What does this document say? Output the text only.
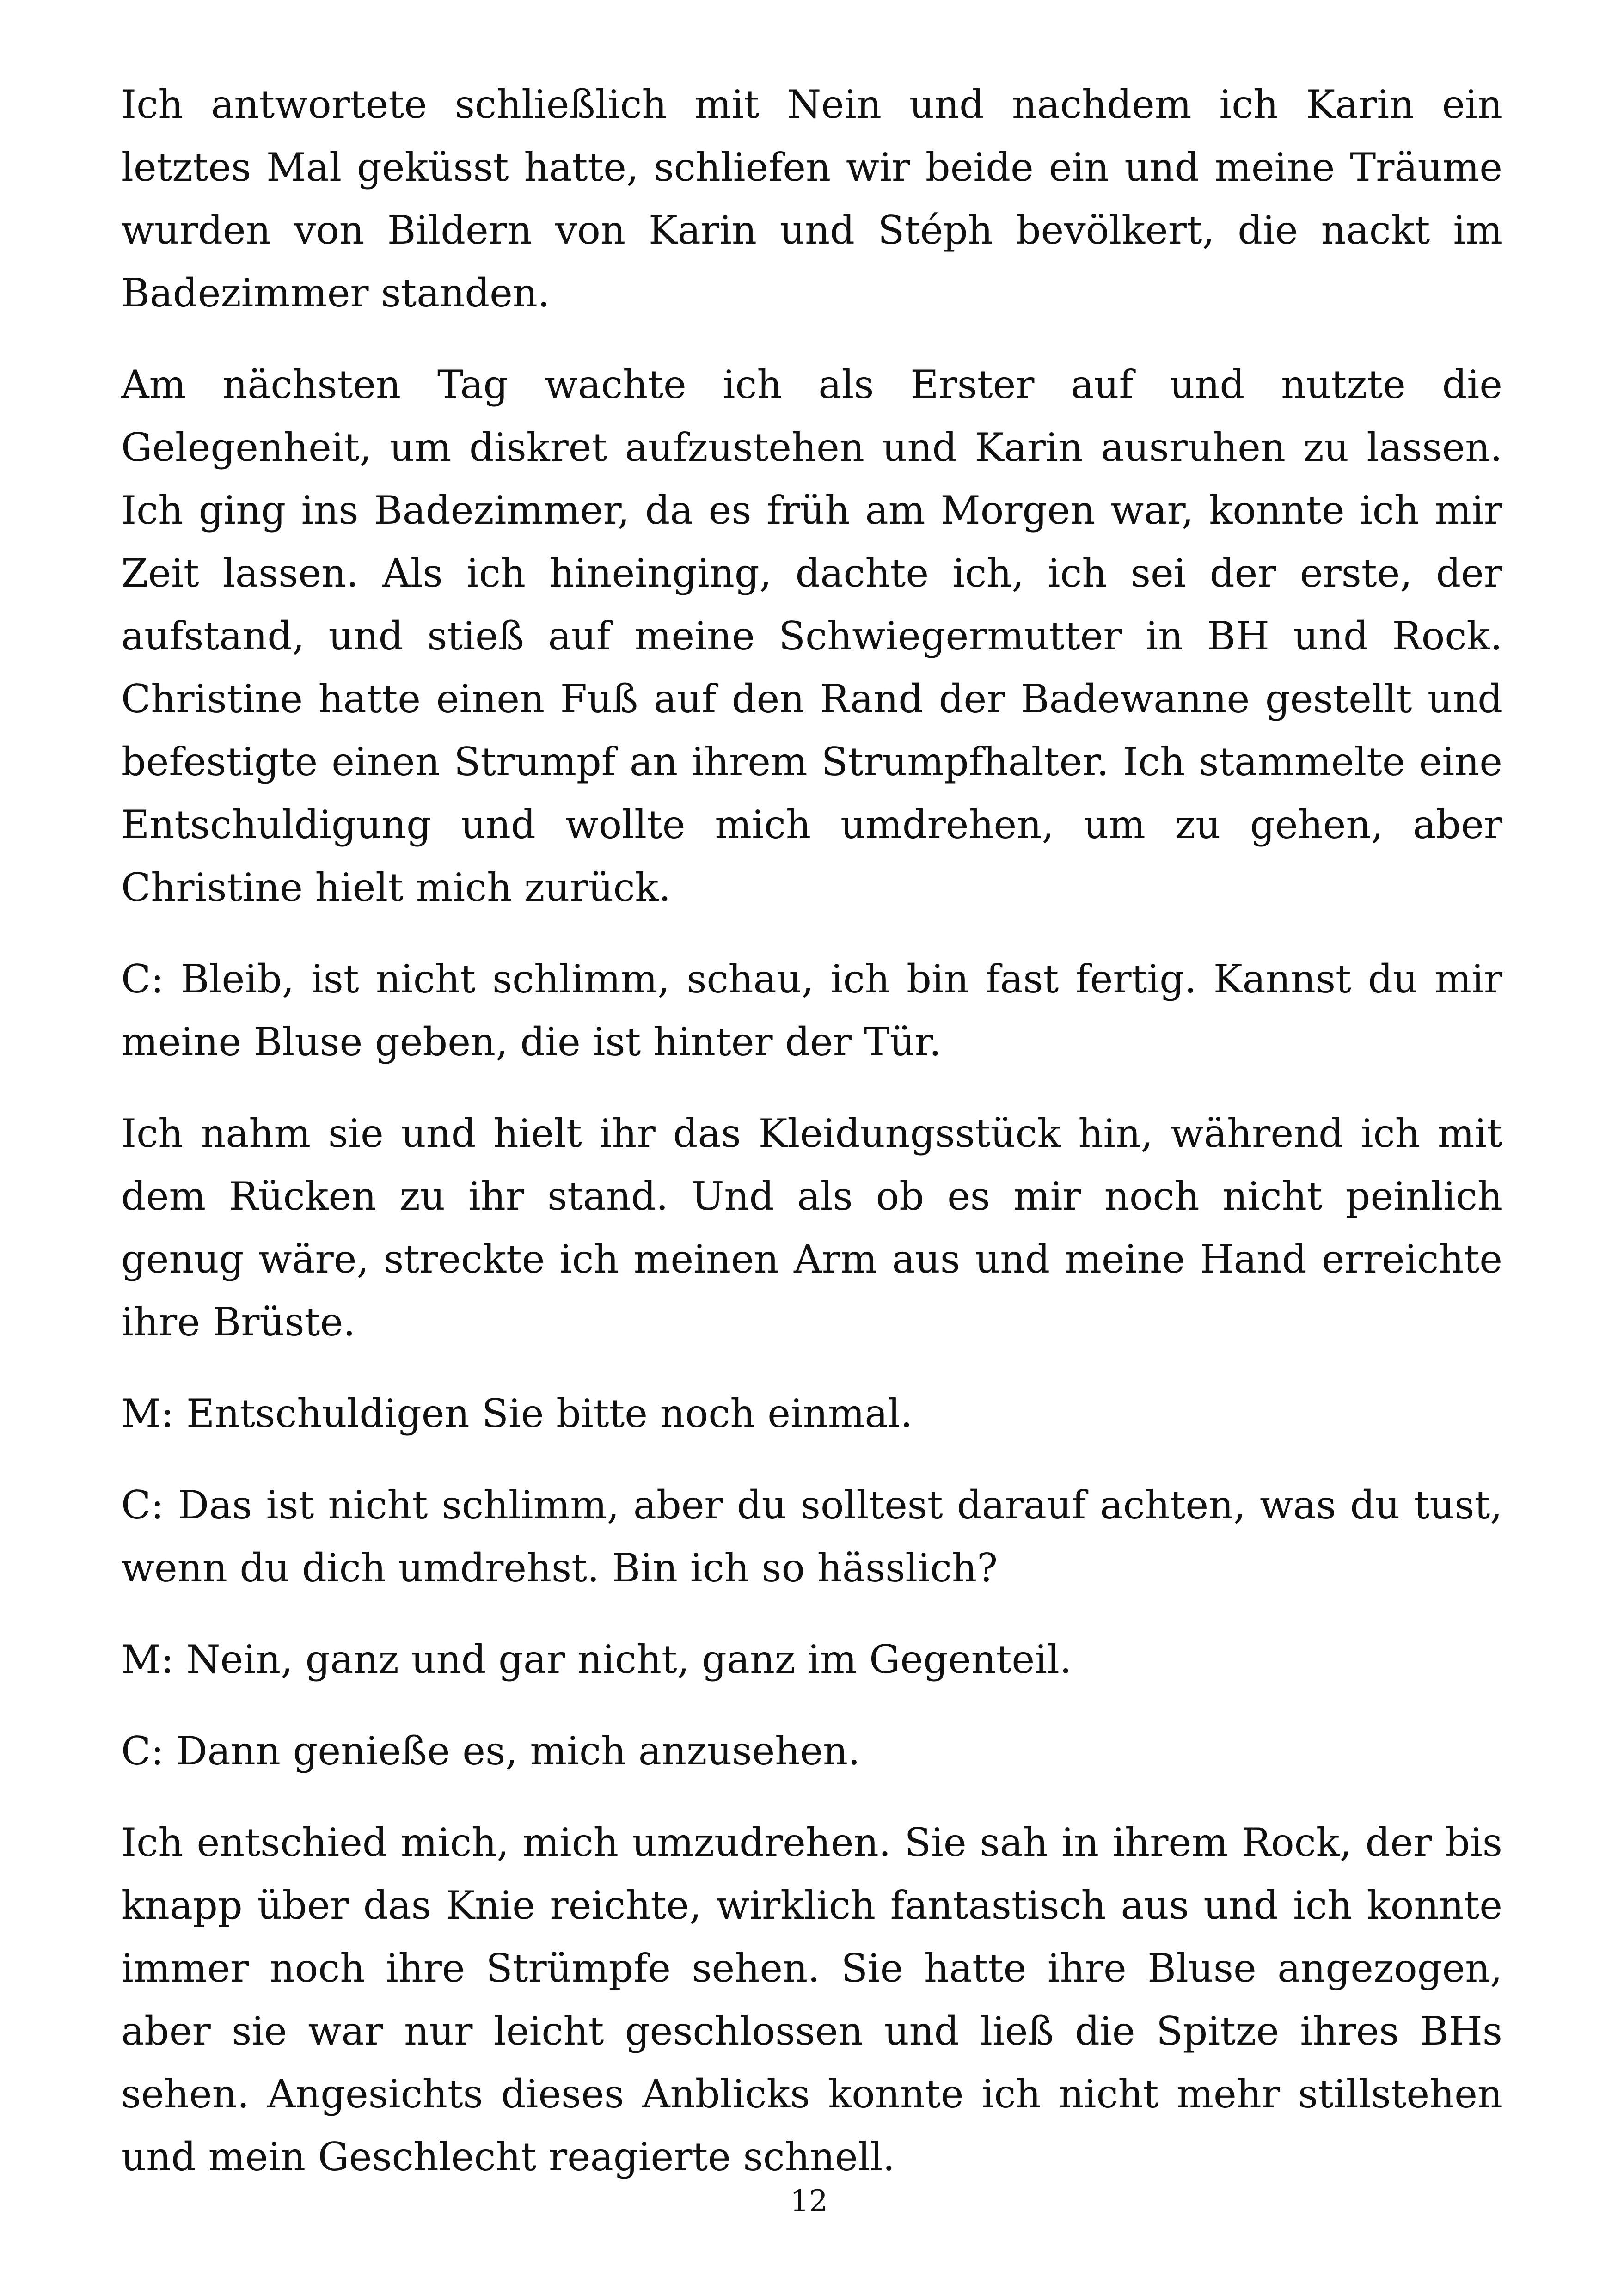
Ich antwortete schließlich mit Nein und nachdem ich Karin ein letztes Mal geküsst hatte, schliefen wir beide ein und meine Träume wurden von Bildern von Karin und Stéph bevölkert, die nackt im Badezimmer standen.

Am nächsten Tag wachte ich als Erster auf und nutzte die Gelegenheit, um diskret aufzustehen und Karin ausruhen zu lassen. Ich ging ins Badezimmer, da es früh am Morgen war, konnte ich mir Zeit lassen. Als ich hineinging, dachte ich, ich sei der erste, der aufstand, und stieß auf meine Schwiegermutter in BH und Rock. Christine hatte einen Fuß auf den Rand der Badewanne gestellt und befestigte einen Strumpf an ihrem Strumpfhalter. Ich stammelte eine Entschuldigung und wollte mich umdrehen, um zu gehen, aber Christine hielt mich zurück.

C: Bleib, ist nicht schlimm, schau, ich bin fast fertig. Kannst du mir meine Bluse geben, die ist hinter der Tür.

Ich nahm sie und hielt ihr das Kleidungsstück hin, während ich mit dem Rücken zu ihr stand. Und als ob es mir noch nicht peinlich genug wäre, streckte ich meinen Arm aus und meine Hand erreichte ihre Brüste.

M: Entschuldigen Sie bitte noch einmal.

C: Das ist nicht schlimm, aber du solltest darauf achten, was du tust, wenn du dich umdrehst. Bin ich so hässlich?

M: Nein, ganz und gar nicht, ganz im Gegenteil.

C: Dann genieße es, mich anzusehen.

Ich entschied mich, mich umzudrehen. Sie sah in ihrem Rock, der bis knapp über das Knie reichte, wirklich fantastisch aus und ich konnte immer noch ihre Strümpfe sehen. Sie hatte ihre Bluse angezogen, aber sie war nur leicht geschlossen und ließ die Spitze ihres BHs sehen. Angesichts dieses Anblicks konnte ich nicht mehr stillstehen und mein Geschlecht reagierte schnell.

12
